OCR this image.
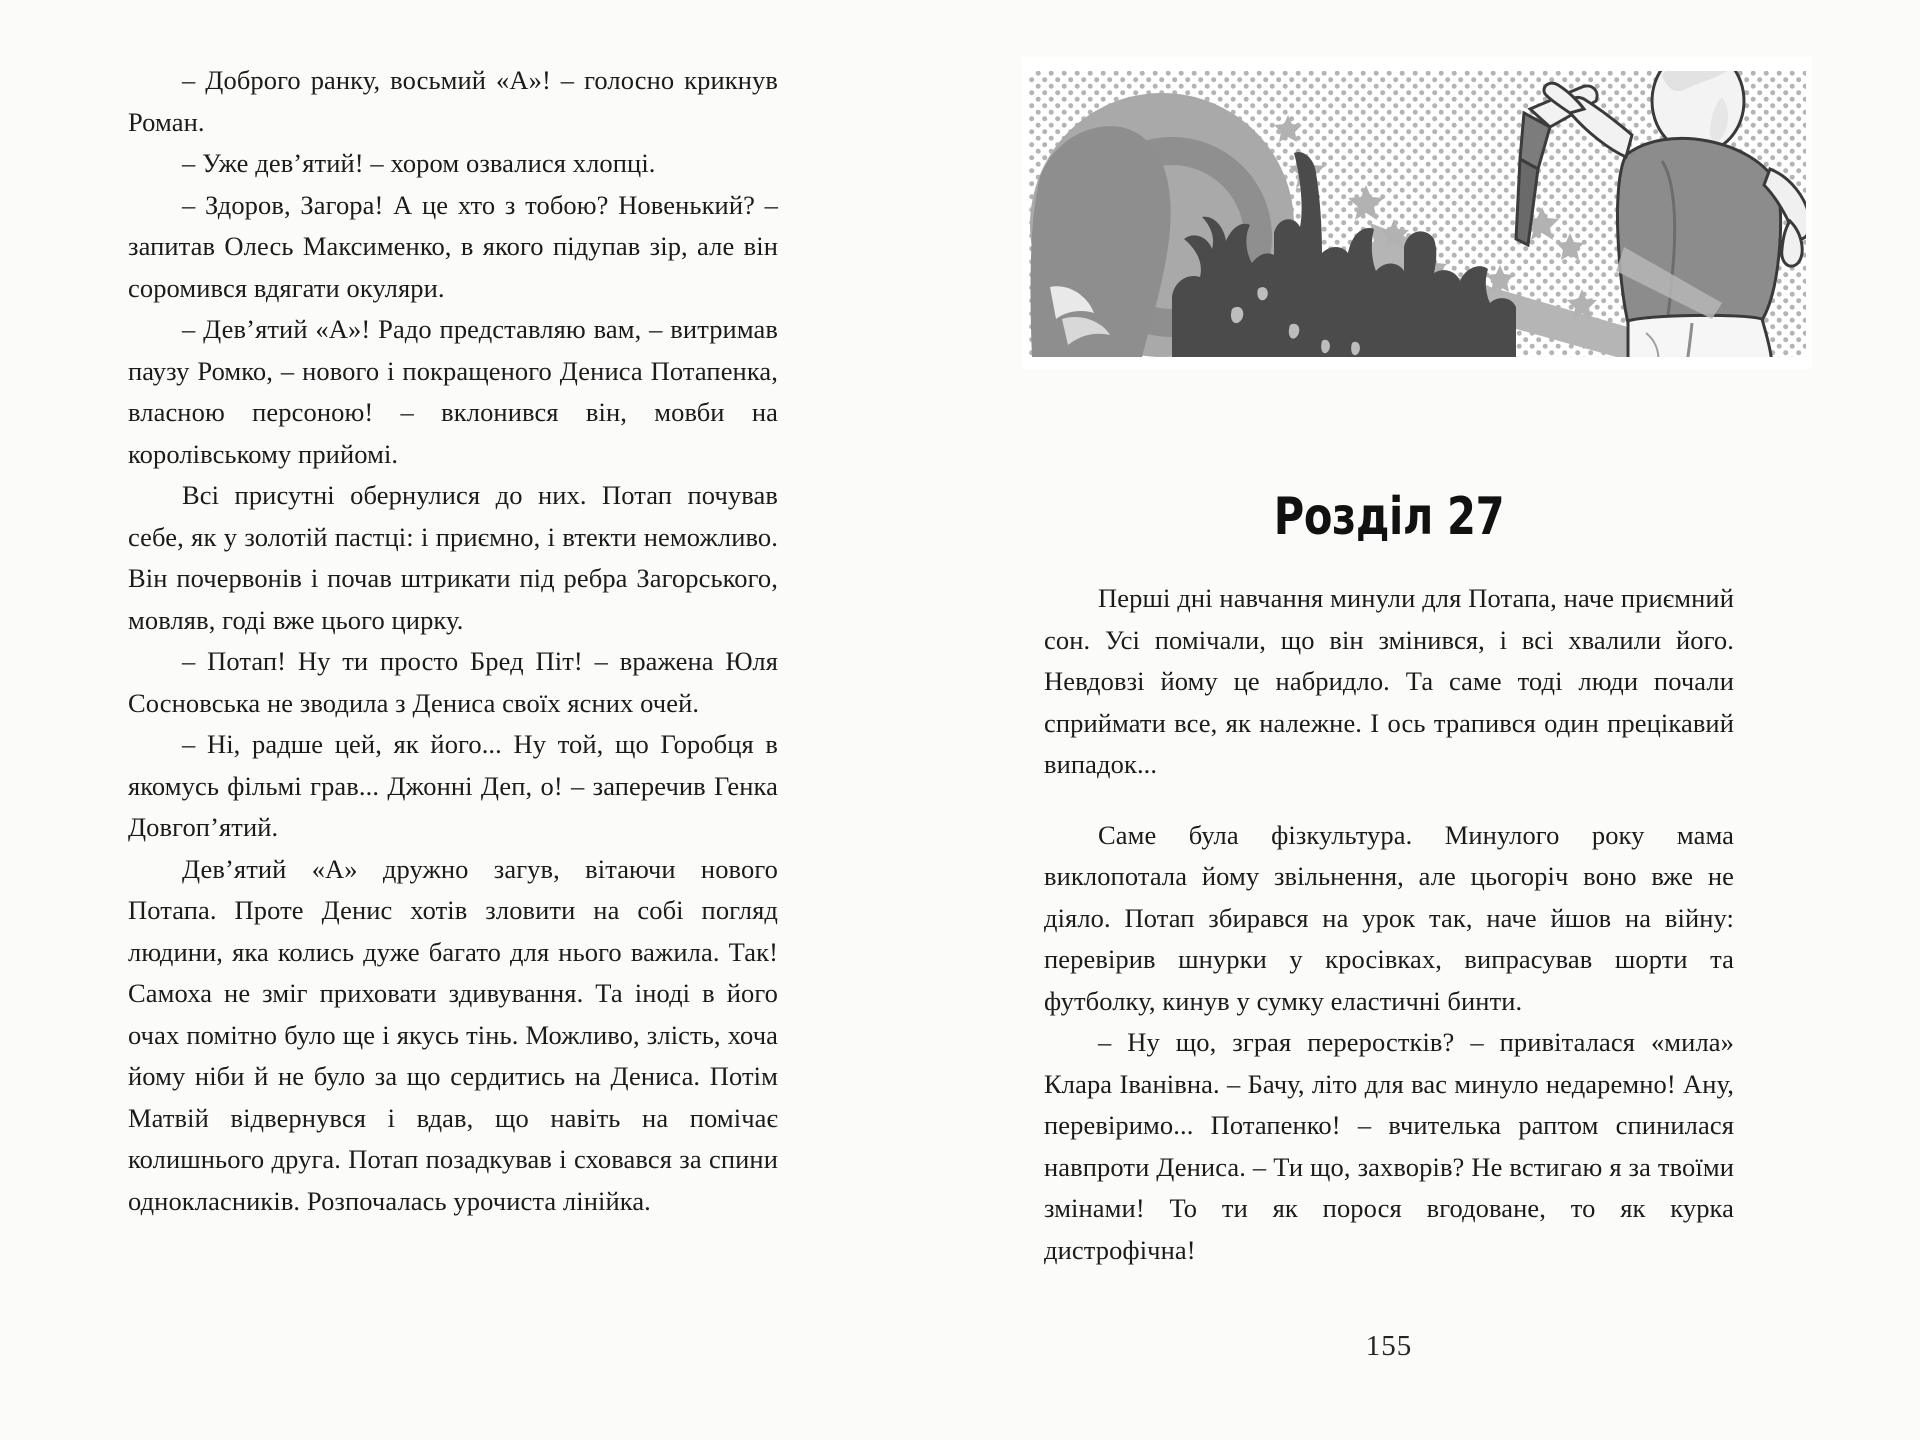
– Доброго ранку, восьмий «А»! – голосно крикнув Роман.

– Уже дев’ятий! – хором озвалися хлопці.

– Здоров, Загора! А це хто з тобою? Новенький? – запитав Олесь Максименко, в якого підупав зір, але він соромився вдягати окуляри.

– Дев’ятий «А»! Радо представляю вам, – витримав паузу Ромко, – нового і покращеного Дениса Потапенка, власною персоною! – вклонився він, мовби на королівському прийомі.

Всі присутні обернулися до них. Потап почував себе, як у золотій пастці: і приємно, і втекти неможливо. Він почервонів і почав штрикати під ребра Загорського, мовляв, годі вже цього цирку.

– Потап! Ну ти просто Бред Піт! – вражена Юля Сосновська не зводила з Дениса своїх ясних очей.

– Ні, радше цей, як його... Ну той, що Горобця в якомусь фільмі грав... Джонні Деп, о! – заперечив Генка Довгоп’ятий.

Дев’ятий «А» дружно загув, вітаючи нового Потапа. Проте Денис хотів зловити на собі погляд людини, яка колись дуже багато для нього важила. Так! Самоха не зміг приховати здивування. Та іноді в його очах помітно було ще і якусь тінь. Можливо, злість, хоча йому ніби й не було за що сердитись на Дениса. Потім Матвій відвернувся і вдав, що навіть на помічає колишнього друга. Потап позадкував і сховався за спини однокласників. Розпочалась урочиста лінійка.

Розділ 27

Перші дні навчання минули для Потапа, наче приємний сон. Усі помічали, що він змінився, і всі хвалили його. Невдовзі йому це набридло. Та саме тоді люди почали сприймати все, як належне. І ось трапився один прецікавий випадок...

Саме була фізкультура. Минулого року мама виклопотала йому звільнення, але цьогоріч воно вже не діяло. Потап збирався на урок так, наче йшов на війну: перевірив шнурки у кросівках, випрасував шорти та футболку, кинув у сумку еластичні бинти.

– Ну що, зграя переростків? – привіталася «мила» Клара Іванівна. – Бачу, літо для вас минуло недаремно! Ану, перевіримо... Потапенко! – вчителька раптом спинилася навпроти Дениса. – Ти що, захворів? Не встигаю я за твоїми змінами! То ти як порося вгодоване, то як курка дистрофічна!

155
